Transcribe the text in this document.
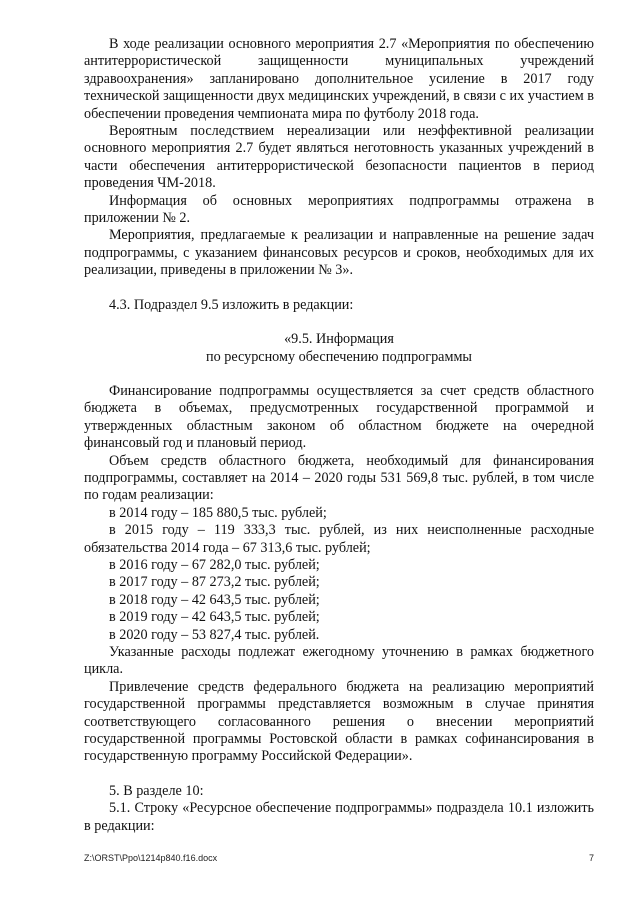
В ходе реализации основного мероприятия 2.7 «Мероприятия по обеспечению антитеррористической защищенности муниципальных учреждений здравоохранения» запланировано дополнительное усиление в 2017 году технической защищенности двух медицинских учреждений, в связи с их участием в обеспечении проведения чемпионата мира по футболу 2018 года.

Вероятным последствием нереализации или неэффективной реализации основного мероприятия 2.7 будет являться неготовность указанных учреждений в части обеспечения антитеррористической безопасности пациентов в период проведения ЧМ-2018.

Информация об основных мероприятиях подпрограммы отражена в приложении № 2.

Мероприятия, предлагаемые к реализации и направленные на решение задач подпрограммы, с указанием финансовых ресурсов и сроков, необходимых для их реализации, приведены в приложении № 3».

4.3. Подраздел 9.5 изложить в редакции:

«9.5. Информация

по ресурсному обеспечению подпрограммы

Финансирование подпрограммы осуществляется за счет средств областного бюджета в объемах, предусмотренных государственной программой и утвержденных областным законом об областном бюджете на очередной финансовый год и плановый период.

Объем средств областного бюджета, необходимый для финансирования подпрограммы, составляет на 2014 – 2020 годы 531 569,8 тыс. рублей, в том числе по годам реализации:

в 2014 году – 185 880,5 тыс. рублей;

в 2015 году – 119 333,3 тыс. рублей, из них неисполненные расходные обязательства 2014 года – 67 313,6 тыс. рублей;

в 2016 году – 67 282,0 тыс. рублей;

в 2017 году – 87 273,2 тыс. рублей;

в 2018 году – 42 643,5 тыс. рублей;

в 2019 году – 42 643,5 тыс. рублей;

в 2020 году – 53 827,4 тыс. рублей.

Указанные расходы подлежат ежегодному уточнению в рамках бюджетного цикла.

Привлечение средств федерального бюджета на реализацию мероприятий государственной программы представляется возможным в случае принятия соответствующего согласованного решения о внесении мероприятий государственной программы Ростовской области в рамках софинансирования в государственную программу Российской Федерации».

5. В разделе 10:

5.1. Строку «Ресурсное обеспечение подпрограммы» подраздела 10.1 изложить в редакции:

Z:\ORST\Ppo\1214p840.f16.docx	7
